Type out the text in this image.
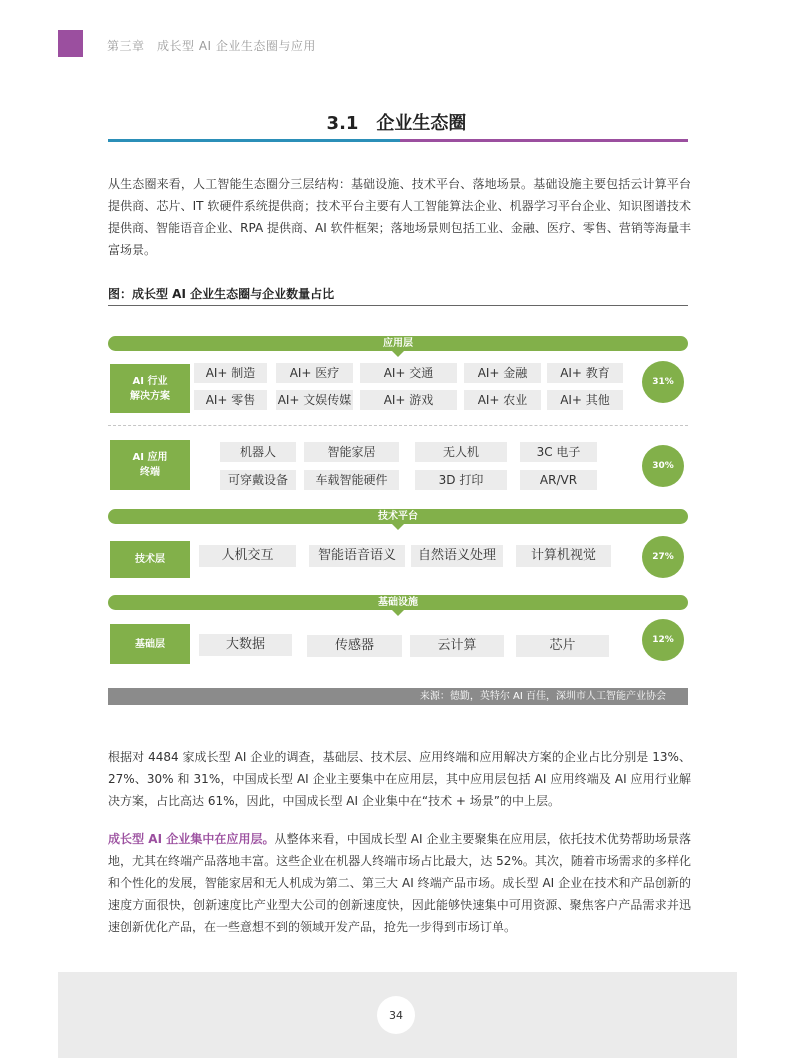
第三章　成长型 AI 企业生态圈与应用
3.1　企业生态圈
从生态圈来看，人工智能生态圈分三层结构：基础设施、技术平台、落地场景。基础设施主要包括云计算平台提供商、芯片、IT 软硬件系统提供商；技术平台主要有人工智能算法企业、机器学习平台企业、知识图谱技术提供商、智能语音企业、RPA 提供商、AI 软件框架；落地场景则包括工业、金融、医疗、零售、营销等海量丰富场景。
图：成长型 AI 企业生态圈与企业数量占比
应用层
AI 行业
解决方案
AI+ 制造	AI+ 医疗	AI+ 交通	AI+ 金融	AI+ 教育
AI+ 零售	AI+ 文娱传媒	AI+ 游戏	AI+ 农业	AI+ 其他
31%
AI 应用
终端
机器人	智能家居	无人机	3C 电子
可穿戴设备	车载智能硬件	3D 打印	AR/VR
30%
技术平台
技术层	人机交互	智能语音语义	自然语义处理	计算机视觉	27%
基础设施
基础层	大数据	传感器	云计算	芯片	12%
来源：德勤，英特尔 AI 百佳，深圳市人工智能产业协会
根据对 4484 家成长型 AI 企业的调查，基础层、技术层、应用终端和应用解决方案的企业占比分别是 13%、27%、30% 和 31%，中国成长型 AI 企业主要集中在应用层，其中应用层包括 AI 应用终端及 AI 应用行业解决方案，占比高达 61%，因此，中国成长型 AI 企业集中在“技术 + 场景”的中上层。
成长型 AI 企业集中在应用层。从整体来看，中国成长型 AI 企业主要聚集在应用层，依托技术优势帮助场景落地，尤其在终端产品落地丰富。这些企业在机器人终端市场占比最大，达 52%。其次，随着市场需求的多样化和个性化的发展，智能家居和无人机成为第二、第三大 AI 终端产品市场。成长型 AI 企业在技术和产品创新的速度方面很快，创新速度比产业型大公司的创新速度快，因此能够快速集中可用资源、聚焦客户产品需求并迅速创新优化产品，在一些意想不到的领域开发产品，抢先一步得到市场订单。
34
